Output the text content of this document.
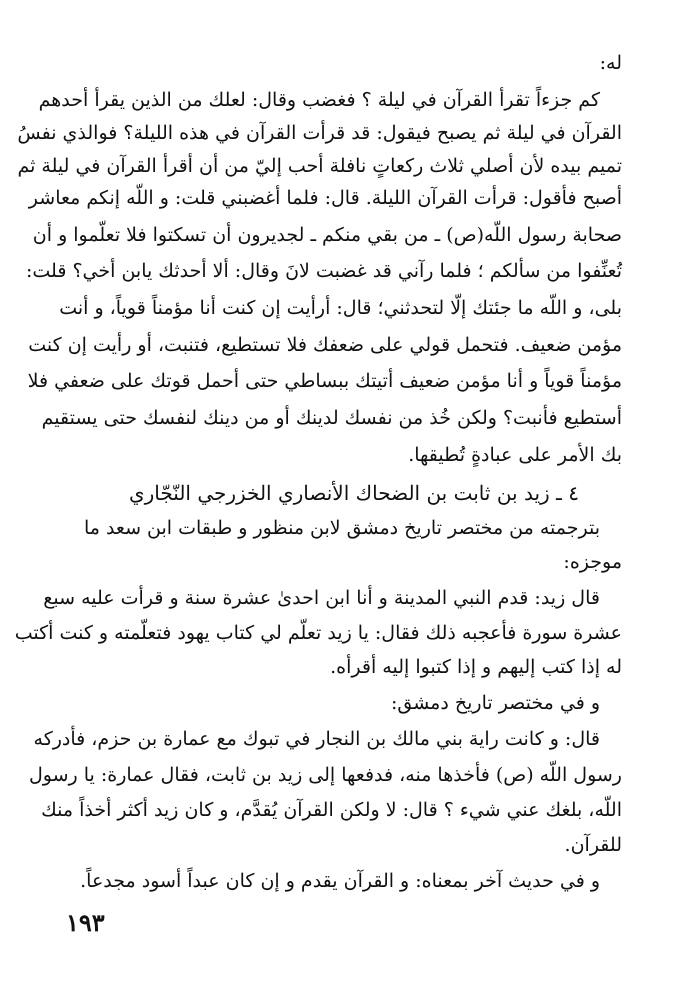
له:
كم جزءاً تقرأ القرآن في ليلة ؟ فغضب وقال: لعلك من الذين يقرأ أحدهم
القرآن في ليلة ثم يصبح فيقول: قد قرأت القرآن في هذه الليلة؟ فوالذي نفسُ
تميم بيده لأن أصلي ثلاث ركعاتٍ نافلة أحب إليّ من أن أقرأ القرآن في ليلة ثم
أصبح فأقول: قرأت القرآن الليلة. قال: فلما أغضبني قلت: و اللّه إنكم معاشر
صحابة رسول اللّه(ص) ـ من بقي منكم ـ لجديرون أن تسكتوا فلا تعلّموا و أن
تُعنِّفوا من سألكم ؛ فلما رآني قد غضبت لانَ وقال: ألا أحدثك يابن أخي؟ قلت:
بلى، و اللّه ما جئتك إلّا لتحدثني؛ قال: أرأيت إن كنت أنا مؤمناً قوياً، و أنت
مؤمن ضعيف. فتحمل قولي على ضعفك فلا تستطيع، فتنبت، أو رأيت إن كنت
مؤمناً قوياً و أنا مؤمن ضعيف أتيتك ببساطي حتى أحمل قوتك على ضعفي فلا
أستطيع فأنبت؟ ولكن خُذ من نفسك لدينك أو من دينك لنفسك حتى يستقيم
بك الأمر على عبادةٍ تُطيقها.
٤ ـ زيد بن ثابت بن الضحاك الأنصاري الخزرجي النّجّاري
بترجمته من مختصر تاريخ دمشق لابن منظور و طبقات ابن سعد ما
موجزه:
قال زيد: قدم النبي المدينة و أنا ابن احدىٰ عشرة سنة و قرأت عليه سبع
عشرة سورة فأعجبه ذلك فقال: يا زيد تعلّم لي كتاب يهود فتعلّمته و كنت أكتب
له إذا كتب إليهم و إذا كتبوا إليه أقرأه.
و في مختصر تاريخ دمشق:
قال: و كانت راية بني مالك بن النجار في تبوك مع عمارة بن حزم، فأدركه
رسول اللّه (ص) فأخذها منه، فدفعها إلى زيد بن ثابت، فقال عمارة: يا رسول
اللّه، بلغك عني شيء ؟ قال: لا ولكن القرآن يُقدَّم، و كان زيد أكثر أخذاً منك
للقرآن.
و في حديث آخر بمعناه: و القرآن يقدم و إن كان عبداً أسود مجدعاً.
١٩٣
